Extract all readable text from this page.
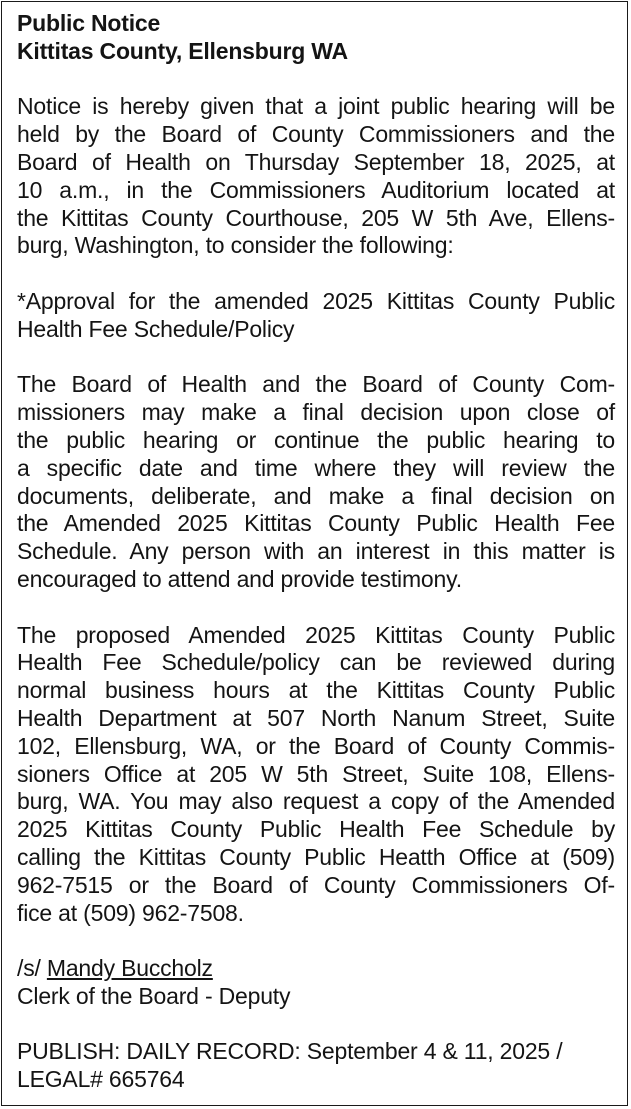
Public Notice
Kittitas County, Ellensburg WA

Notice is hereby given that a joint public hearing will be
held by the Board of County Commissioners and the
Board of Health on Thursday September 18, 2025, at
10 a.m., in the Commissioners Auditorium located at
the Kittitas County Courthouse, 205 W 5th Ave, Ellens-
burg, Washington, to consider the following:

*Approval for the amended 2025 Kittitas County Public
Health Fee Schedule/Policy

The Board of Health and the Board of County Com-
missioners may make a final decision upon close of
the public hearing or continue the public hearing to
a specific date and time where they will review the
documents, deliberate, and make a final decision on
the Amended 2025 Kittitas County Public Health Fee
Schedule. Any person with an interest in this matter is
encouraged to attend and provide testimony.

The proposed Amended 2025 Kittitas County Public
Health Fee Schedule/policy can be reviewed during
normal business hours at the Kittitas County Public
Health Department at 507 North Nanum Street, Suite
102, Ellensburg, WA, or the Board of County Commis-
sioners Office at 205 W 5th Street, Suite 108, Ellens-
burg, WA. You may also request a copy of the Amended
2025 Kittitas County Public Health Fee Schedule by
calling the Kittitas County Public Heatth Office at (509)
962-7515 or the Board of County Commissioners Of-
fice at (509) 962-7508.

/s/ Mandy Buccholz
Clerk of the Board - Deputy

PUBLISH: DAILY RECORD: September 4 & 11, 2025 /
LEGAL# 665764
